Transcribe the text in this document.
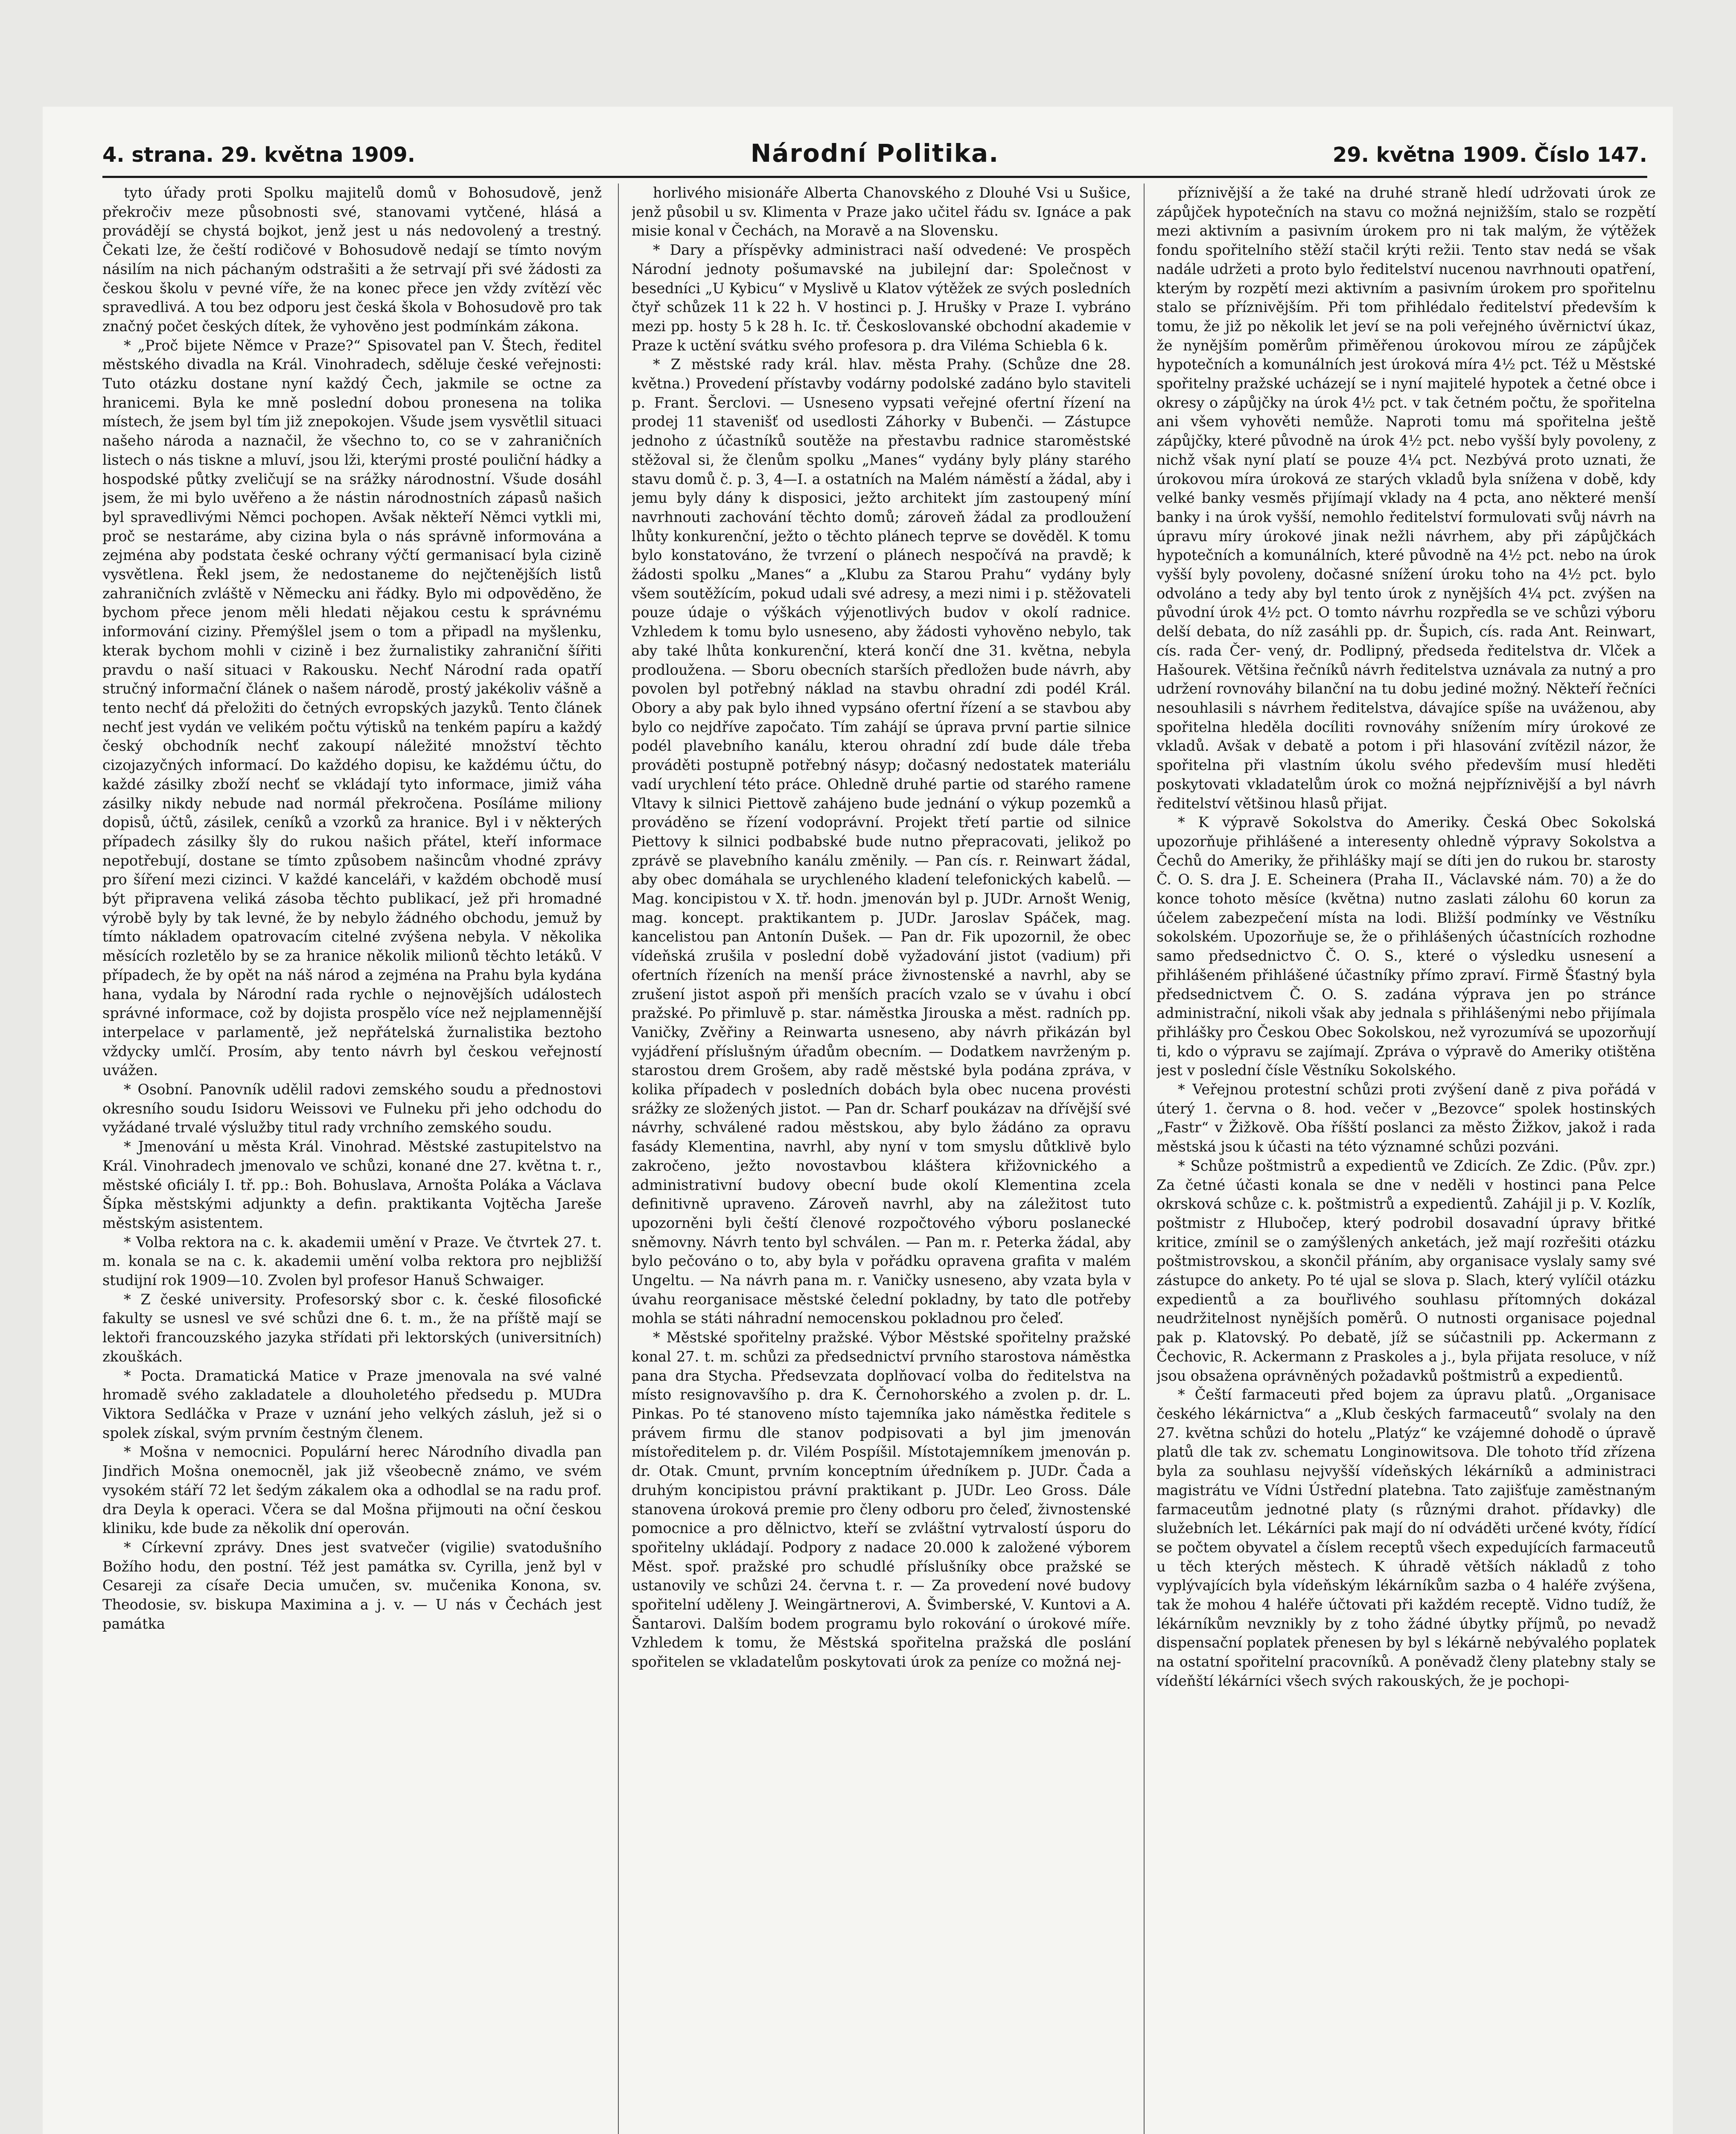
4. strana. 29. května 1909.	Národní Politika.	29. května 1909. Číslo 147.

tyto úřady proti Spolku majitelů domů v Bohosudově, jenž překročiv meze působnosti své, stanovami vytčené, hlásá a provádějí se chystá bojkot, jenž jest u nás nedovolený a trestný. Čekati lze, že čeští rodičové v Bohosudově nedají se tímto novým násilím na nich páchaným odstrašiti a že setrvají při své žádosti za českou školu v pevné víře, že na konec přece jen vždy zvítězí věc spravedlivá. A tou bez odporu jest česká škola v Bohosudově pro tak značný počet českých dítek, že vyhověno jest podmínkám zákona.

* „Proč bijete Němce v Praze?“ Spisovatel pan V. Štech, ředitel městského divadla na Král. Vinohradech, sděluje české veřejnosti: Tuto otázku dostane nyní každý Čech, jakmile se octne za hranicemi. Byla ke mně poslední dobou pronesena na tolika místech, že jsem byl tím již znepokojen. Všude jsem vysvětlil situaci našeho národa a naznačil, že všechno to, co se v zahraničních listech o nás tiskne a mluví, jsou lži, kterými prosté pouliční hádky a hospodské půtky zveličují se na srážky národnostní. Všude dosáhl jsem, že mi bylo uvěřeno a že nástin národnostních zápasů našich byl spravedlivými Němci pochopen. Avšak někteří Němci vytkli mi, proč se nestaráme, aby cizina byla o nás správně informována a zejména aby podstata české ochrany výčtí germanisací byla cizině vysvětlena. Řekl jsem, že nedostaneme do nejčtenějších listů zahraničních zvláště v Německu ani řádky. Bylo mi odpověděno, že bychom přece jenom měli hledati nějakou cestu k správnému informování ciziny. Přemýšlel jsem o tom a připadl na myšlenku, kterak bychom mohli v cizině i bez žurnalistiky zahraniční šířiti pravdu o naší situaci v Rakousku. Nechť Národní rada opatří stručný informační článek o našem národě, prostý jakékoliv vášně a tento nechť dá přeložiti do četných evropských jazyků. Tento článek nechť jest vydán ve velikém počtu výtisků na tenkém papíru a každý český obchodník nechť zakoupí náležité množství těchto cizojazyčných informací. Do každého dopisu, ke každému účtu, do každé zásilky zboží nechť se vkládají tyto informace, jimiž váha zásilky nikdy nebude nad normál překročena. Posíláme miliony dopisů, účtů, zásilek, ceníků a vzorků za hranice. Byl i v některých případech zásilky šly do rukou našich přátel, kteří informace nepotřebují, dostane se tímto způsobem našincům vhodné zprávy pro šíření mezi cizinci. V každé kanceláři, v každém obchodě musí být připravena veliká zásoba těchto publikací, jež při hromadné výrobě byly by tak levné, že by nebylo žádného obchodu, jemuž by tímto nákladem opatrovacím citelné zvýšena nebyla. V několika měsících rozletělo by se za hranice několik milionů těchto letáků. V případech, že by opět na náš národ a zejména na Prahu byla kydána hana, vydala by Národní rada rychle o nejnovějších událostech správné informace, což by dojista prospělo více než nejplamennější interpelace v parlamentě, jež nepřátelská žurnalistika beztoho vždycky umlčí. Prosím, aby tento návrh byl českou veřejností uvážen.

* Osobní. Panovník udělil radovi zemského soudu a přednostovi okresního soudu Isidoru Weissovi ve Fulneku při jeho odchodu do vyžádané trvalé výslužby titul rady vrchního zemského soudu.

* Jmenování u města Král. Vinohrad. Městské zastupitelstvo na Král. Vinohradech jmenovalo ve schůzi, konané dne 27. května t. r., městské oficiály I. tř. pp.: Boh. Bohuslava, Arnošta Poláka a Václava Šípka městskými adjunkty a defin. praktikanta Vojtěcha Jareše městským asistentem.

* Volba rektora na c. k. akademii umění v Praze. Ve čtvrtek 27. t. m. konala se na c. k. akademii umění volba rektora pro nejbližší studijní rok 1909—10. Zvolen byl profesor Hanuš Schwaiger.

* Z české university. Profesorský sbor c. k. české filosofické fakulty se usnesl ve své schůzi dne 6. t. m., že na příště mají se lektoři francouzského jazyka střídati při lektorských (universitních) zkouškách.

* Pocta. Dramatická Matice v Praze jmenovala na své valné hromadě svého zakladatele a dlouholetého předsedu p. MUDra Viktora Sedláčka v Praze v uznání jeho velkých zásluh, jež si o spolek získal, svým prvním čestným členem.

* Mošna v nemocnici. Populární herec Národního divadla pan Jindřich Mošna onemocněl, jak již všeobecně známo, ve svém vysokém stáří 72 let šedým zákalem oka a odhodlal se na radu prof. dra Deyla k operaci. Včera se dal Mošna přijmouti na oční českou kliniku, kde bude za několik dní operován.

* Církevní zprávy. Dnes jest svatvečer (vigilie) svatodušního Božího hodu, den postní. Též jest památka sv. Cyrilla, jenž byl v Cesareji za císaře Decia umučen, sv. mučenika Konona, sv. Theodosie, sv. biskupa Maximina a j. v. — U nás v Čechách jest památka

horlivého misionáře Alberta Chanovského z Dlouhé Vsi u Sušice, jenž působil u sv. Klimenta v Praze jako učitel řádu sv. Ignáce a pak misie konal v Čechách, na Moravě a na Slovensku.

* Dary a příspěvky administraci naší odvedené: Ve prospěch Národní jednoty pošumavské na jubilejní dar: Společnost v besedníci „U Kybicu“ v Myslivě u Klatov výtěžek ze svých posledních čtyř schůzek 11 k 22 h. V hostinci p. J. Hrušky v Praze I. vybráno mezi pp. hosty 5 k 28 h. Ic. tř. Českoslovanské obchodní akademie v Praze k uctění svátku svého profesora p. dra Viléma Schiebla 6 k.

* Z městské rady král. hlav. města Prahy. (Schůze dne 28. května.) Provedení přístavby vodárny podolské zadáno bylo staviteli p. Frant. Šerclovi. — Usneseno vypsati veřejné ofertní řízení na prodej 11 stavenišť od usedlosti Záhorky v Bubenči. — Zástupce jednoho z účastníků soutěže na přestavbu radnice staroměstské stěžoval si, že členům spolku „Manes“ vydány byly plány starého stavu domů č. p. 3, 4—I. a ostatních na Malém náměstí a žádal, aby i jemu byly dány k disposici, ježto architekt jím zastoupený míní navrhnouti zachování těchto domů; zároveň žádal za prodloužení lhůty konkurenční, ježto o těchto plánech teprve se dověděl. K tomu bylo konstatováno, že tvrzení o plánech nespočívá na pravdě; k žádosti spolku „Manes“ a „Klubu za Starou Prahu“ vydány byly všem soutěžícím, pokud udali své adresy, a mezi nimi i p. stěžovateli pouze údaje o výškách výjenotlivých budov v okolí radnice. Vzhledem k tomu bylo usneseno, aby žádosti vyhověno nebylo, tak aby také lhůta konkurenční, která končí dne 31. května, nebyla prodloužena. — Sboru obecních starších předložen bude návrh, aby povolen byl potřebný náklad na stavbu ohradní zdi podél Král. Obory a aby pak bylo ihned vypsáno ofertní řízení a se stavbou aby bylo co nejdříve započato. Tím zahájí se úprava první partie silnice podél plavebního kanálu, kterou ohradní zdí bude dále třeba prováděti postupně potřebný násyp; dočasný nedostatek materiálu vadí urychlení této práce. Ohledně druhé partie od starého ramene Vltavy k silnici Piettově zahájeno bude jednání o výkup pozemků a prováděno se řízení vodoprávní. Projekt třetí partie od silnice Piettovy k silnici podbabské bude nutno přepracovati, jelikož po zprávě se plavebního kanálu změnily. — Pan cís. r. Reinwart žádal, aby obec domáhala se urychleného kladení telefonických kabelů. — Mag. koncipistou v X. tř. hodn. jmenován byl p. JUDr. Arnošt Wenig, mag. koncept. praktikantem p. JUDr. Jaroslav Spáček, mag. kancelistou pan Antonín Dušek. — Pan dr. Fik upozornil, že obec vídeňská zrušila v poslední době vyžadování jistot (vadium) při ofertních řízeních na menší práce živnostenské a navrhl, aby se zrušení jistot aspoň při menších pracích vzalo se v úvahu i obcí pražské. Po přimluvě p. star. náměstka Jirouska a měst. radních pp. Vaničky, Zvěřiny a Reinwarta usneseno, aby návrh přikázán byl vyjádření příslušným úřadům obecním. — Dodatkem navrženým p. starostou drem Grošem, aby radě městské byla podána zpráva, v kolika případech v posledních dobách byla obec nucena provésti srážky ze složených jistot. — Pan dr. Scharf poukázav na dřívější své návrhy, schválené radou městskou, aby bylo žádáno za opravu fasády Klementina, navrhl, aby nyní v tom smyslu důtklivě bylo zakročeno, ježto novostavbou kláštera křižovnického a administrativní budovy obecní bude okolí Klementina zcela definitivně upraveno. Zároveň navrhl, aby na záležitost tuto upozorněni byli čeští členové rozpočtového výboru poslanecké sněmovny. Návrh tento byl schválen. — Pan m. r. Peterka žádal, aby bylo pečováno o to, aby byla v pořádku opravena grafita v malém Ungeltu. — Na návrh pana m. r. Vaničky usneseno, aby vzata byla v úvahu reorganisace městské čelední pokladny, by tato dle potřeby mohla se státi náhradní nemocenskou pokladnou pro čeleď.

* Městské spořitelny pražské. Výbor Městské spořitelny pražské konal 27. t. m. schůzi za předsednictví prvního starostova náměstka pana dra Stycha. Předsevzata doplňovací volba do ředitelstva na místo resignovavšího p. dra K. Černohorského a zvolen p. dr. L. Pinkas. Po té stanoveno místo tajemníka jako náměstka ředitele s právem firmu dle stanov podpisovati a byl jim jmenován místoředitelem p. dr. Vilém Pospíšil. Místotajemníkem jmenován p. dr. Otak. Cmunt, prvním konceptním úředníkem p. JUDr. Čada a druhým koncipistou právní praktikant p. JUDr. Leo Gross. Dále stanovena úroková premie pro členy odboru pro čeleď, živnostenské pomocnice a pro dělnictvo, kteří se zvláštní vytrvalostí úsporu do spořitelny ukládají. Podpory z nadace 20.000 k založené výborem Měst. spoř. pražské pro schudlé příslušníky obce pražské se ustanovily ve schůzi 24. června t. r. — Za provedení nové budovy spořitelní uděleny J. Weingärtnerovi, A. Švimberské, V. Kuntovi a A. Šantarovi. Dalším bodem programu bylo rokování o úrokové míře. Vzhledem k tomu, že Městská spořitelna pražská dle poslání spořitelen se vkladatelům poskytovati úrok za peníze co možná nej-

příznivější a že také na druhé straně hledí udržovati úrok ze zápůjček hypotečních na stavu co možná nejnižším, stalo se rozpětí mezi aktivním a pasivním úrokem pro ni tak malým, že výtěžek fondu spořitelního stěží stačil krýti režii. Tento stav nedá se však nadále udržeti a proto bylo ředitelství nucenou navrhnouti opatření, kterým by rozpětí mezi aktivním a pasivním úrokem pro spořitelnu stalo se příznivějším. Při tom přihlédalo ředitelství především k tomu, že již po několik let jeví se na poli veřejného úvěrnictví úkaz, že nynějším poměrům přiměřenou úrokovou mírou ze zápůjček hypotečních a komunálních jest úroková míra 4½ pct. Též u Městské spořitelny pražské ucházejí se i nyní majitelé hypotek a četné obce i okresy o zápůjčky na úrok 4½ pct. v tak četném počtu, že spořitelna ani všem vyhověti nemůže. Naproti tomu má spořitelna ještě zápůjčky, které původně na úrok 4½ pct. nebo vyšší byly povoleny, z nichž však nyní platí se pouze 4¼ pct. Nezbývá proto uznati, že úrokovou míra úroková ze starých vkladů byla snížena v době, kdy velké banky vesměs přijímají vklady na 4 pcta, ano některé menší banky i na úrok vyšší, nemohlo ředitelství formulovati svůj návrh na úpravu míry úrokové jinak nežli návrhem, aby při zápůjčkách hypotečních a komunálních, které původně na 4½ pct. nebo na úrok vyšší byly povoleny, dočasné snížení úroku toho na 4½ pct. bylo odvoláno a tedy aby byl tento úrok z nynějších 4¼ pct. zvýšen na původní úrok 4½ pct. O tomto návrhu rozpředla se ve schůzi výboru delší debata, do níž zasáhli pp. dr. Šupich, cís. rada Ant. Reinwart, cís. rada Čer- vený, dr. Podlipný, předseda ředitelstva dr. Vlček a Hašourek. Většina řečníků návrh ředitelstva uznávala za nutný a pro udržení rovnováhy bilanční na tu dobu jediné možný. Někteří řečníci nesouhlasili s návrhem ředitelstva, dávajíce spíše na uváženou, aby spořitelna hleděla docíliti rovnováhy snížením míry úrokové ze vkladů. Avšak v debatě a potom i při hlasování zvítězil názor, že spořitelna při vlastním úkolu svého především musí hleděti poskytovati vkladatelům úrok co možná nejpříznivější a byl návrh ředitelství většinou hlasů přijat.

* K výpravě Sokolstva do Ameriky. Česká Obec Sokolská upozorňuje přihlášené a interesenty ohledně výpravy Sokolstva a Čechů do Ameriky, že přihlášky mají se díti jen do rukou br. starosty Č. O. S. dra J. E. Scheinera (Praha II., Václavské nám. 70) a že do konce tohoto měsíce (května) nutno zaslati zálohu 60 korun za účelem zabezpečení místa na lodi. Bližší podmínky ve Věstníku sokolském. Upozorňuje se, že o přihlášených účastnících rozhodne samo předsednictvo Č. O. S., které o výsledku usnesení a přihlášeném přihlášené účastníky přímo zpraví. Firmě Šťastný byla předsednictvem Č. O. S. zadána výprava jen po stránce administrační, nikoli však aby jednala s přihlášenými nebo přijímala přihlášky pro Českou Obec Sokolskou, než vyrozumívá se upozorňují ti, kdo o výpravu se zajímají. Zpráva o výpravě do Ameriky otištěna jest v poslední čísle Věstníku Sokolského.

* Veřejnou protestní schůzi proti zvýšení daně z piva pořádá v úterý 1. června o 8. hod. večer v „Bezovce“ spolek hostinských „Fastr“ v Žižkově. Oba říšští poslanci za město Žižkov, jakož i rada městská jsou k účasti na této významné schůzi pozváni.

* Schůze poštmistrů a expedientů ve Zdicích. Ze Zdic. (Pův. zpr.) Za četné účasti konala se dne v neděli v hostinci pana Pelce okrsková schůze c. k. poštmistrů a expedientů. Zahájil ji p. V. Kozlík, poštmistr z Hlubočep, který podrobil dosavadní úpravy břitké kritice, zmínil se o zamýšlených anketách, jež mají rozřešiti otázku poštmistrovskou, a skončil přáním, aby organisace vyslaly samy své zástupce do ankety. Po té ujal se slova p. Slach, který vylíčil otázku expedientů a za bouřlivého souhlasu přítomných dokázal neudržitelnost nynějších poměrů. O nutnosti organisace pojednal pak p. Klatovský. Po debatě, jíž se súčastnili pp. Ackermann z Čechovic, R. Ackermann z Praskoles a j., byla přijata resoluce, v níž jsou obsažena oprávněných požadavků poštmistrů a expedientů.

* Čeští farmaceuti před bojem za úpravu platů. „Organisace českého lékárnictva“ a „Klub českých farmaceutů“ svolaly na den 27. května schůzi do hotelu „Platýz“ ke vzájemné dohodě o úpravě platů dle tak zv. schematu Longinowitsova. Dle tohoto tříd zřízena byla za souhlasu nejvyšší vídeňských lékárníků a administraci magistrátu ve Vídni Ústřední platebna. Tato zajišťuje zaměstnaným farmaceutům jednotné platy (s různými drahot. přídavky) dle služebních let. Lékárníci pak mají do ní odváděti určené kvóty, řídící se počtem obyvatel a číslem receptů všech expedujících farmaceutů u těch kterých městech. K úhradě větších nákladů z toho vyplývajících byla vídeňským lékárníkům sazba o 4 haléře zvýšena, tak že mohou 4 haléře účtovati při každém receptě. Vidno tudíž, že lékárníkům nevznikly by z toho žádné úbytky příjmů, po nevadž dispensační poplatek přenesen by byl s lékárně nebývalého poplatek na ostatní spořitelní pracovníků. A poněvadž členy platebny staly se vídeňští lékárníci všech svých rakouských, že je pochopi-
